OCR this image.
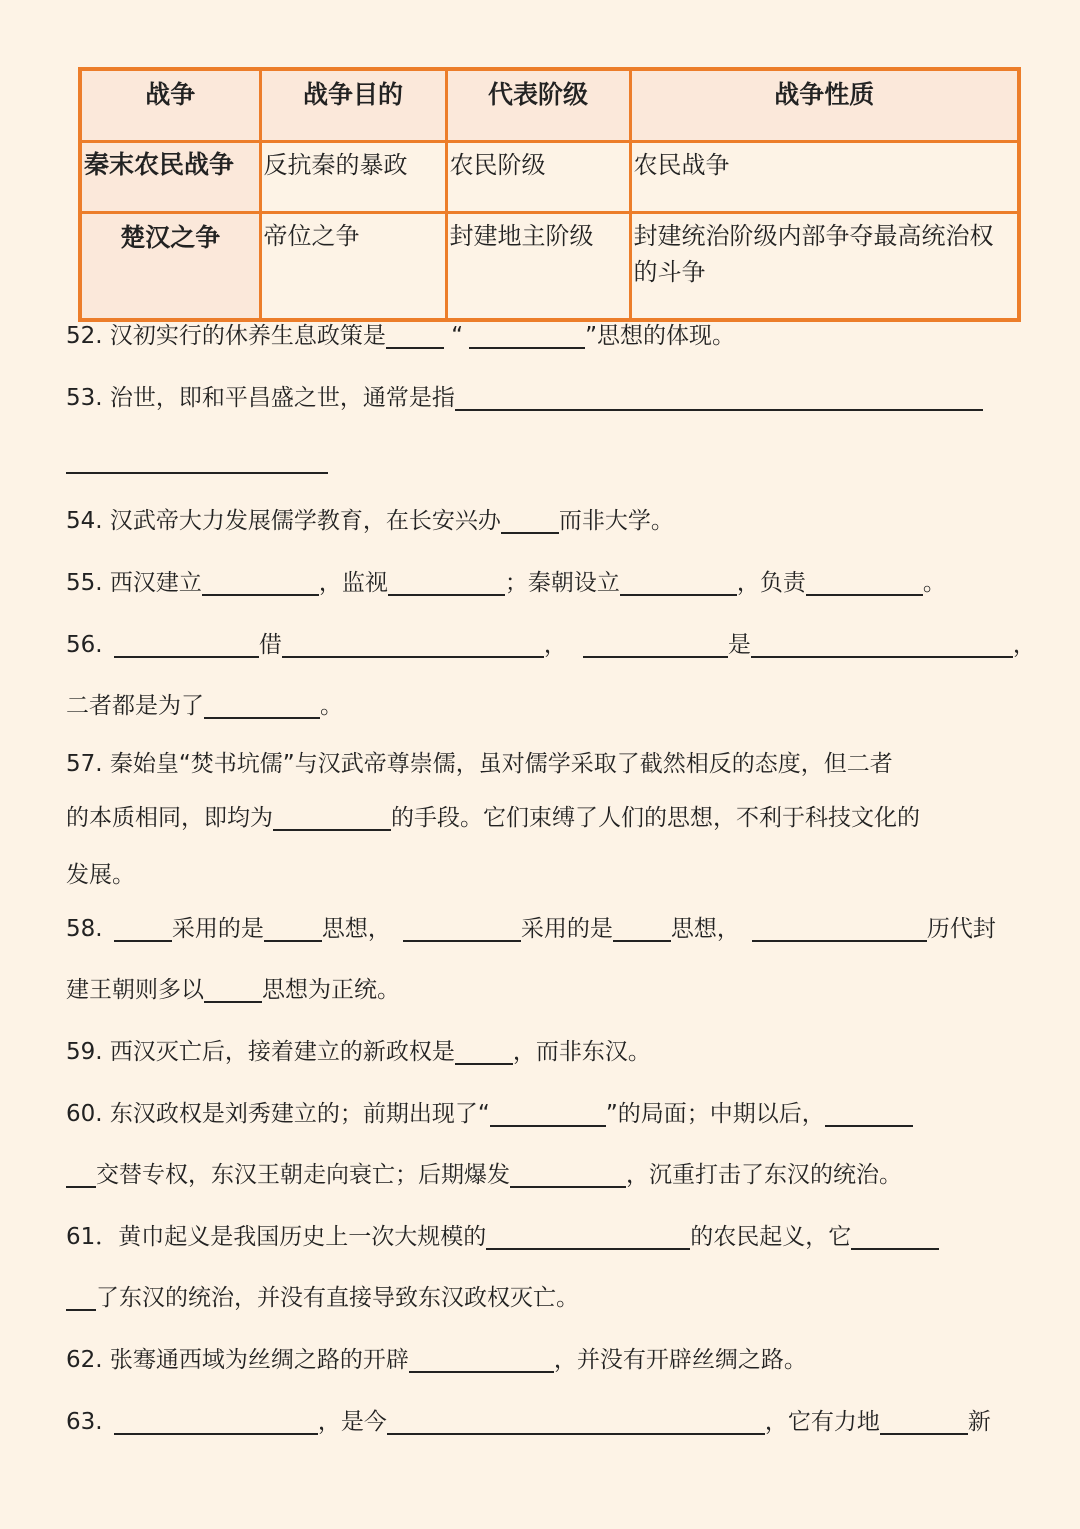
战争	战争目的	代表阶级	战争性质
秦末农民战争	反抗秦的暴政	农民阶级	农民战争
楚汉之争	帝位之争	封建地主阶级	封建统治阶级内部争夺最高统治权的斗争
52. 汉初实行的休养生息政策是	“	”思想的体现。
53. 治世，即和平昌盛之世，通常是指
54. 汉武帝大力发展儒学教育，在长安兴办	而非大学。
55. 西汉建立	，监视	；秦朝设立	，负责	。
56.	借	，	是	，
二者都是为了	。
57. 秦始皇“焚书坑儒”与汉武帝尊崇儒，虽对儒学采取了截然相反的态度，但二者
的本质相同，即均为	的手段。它们束缚了人们的思想，不利于科技文化的
发展。
58.	采用的是	思想，	采用的是	思想，	历代封
建王朝则多以	思想为正统。
59. 西汉灭亡后，接着建立的新政权是	，而非东汉。
60. 东汉政权是刘秀建立的；前期出现了“	”的局面；中期以后，
交替专权，东汉王朝走向衰亡；后期爆发	，沉重打击了东汉的统治。
61．黄巾起义是我国历史上一次大规模的	的农民起义，它
了东汉的统治，并没有直接导致东汉政权灭亡。
62. 张骞通西域为丝绸之路的开辟	，并没有开辟丝绸之路。
63.	，是今	，它有力地	新
